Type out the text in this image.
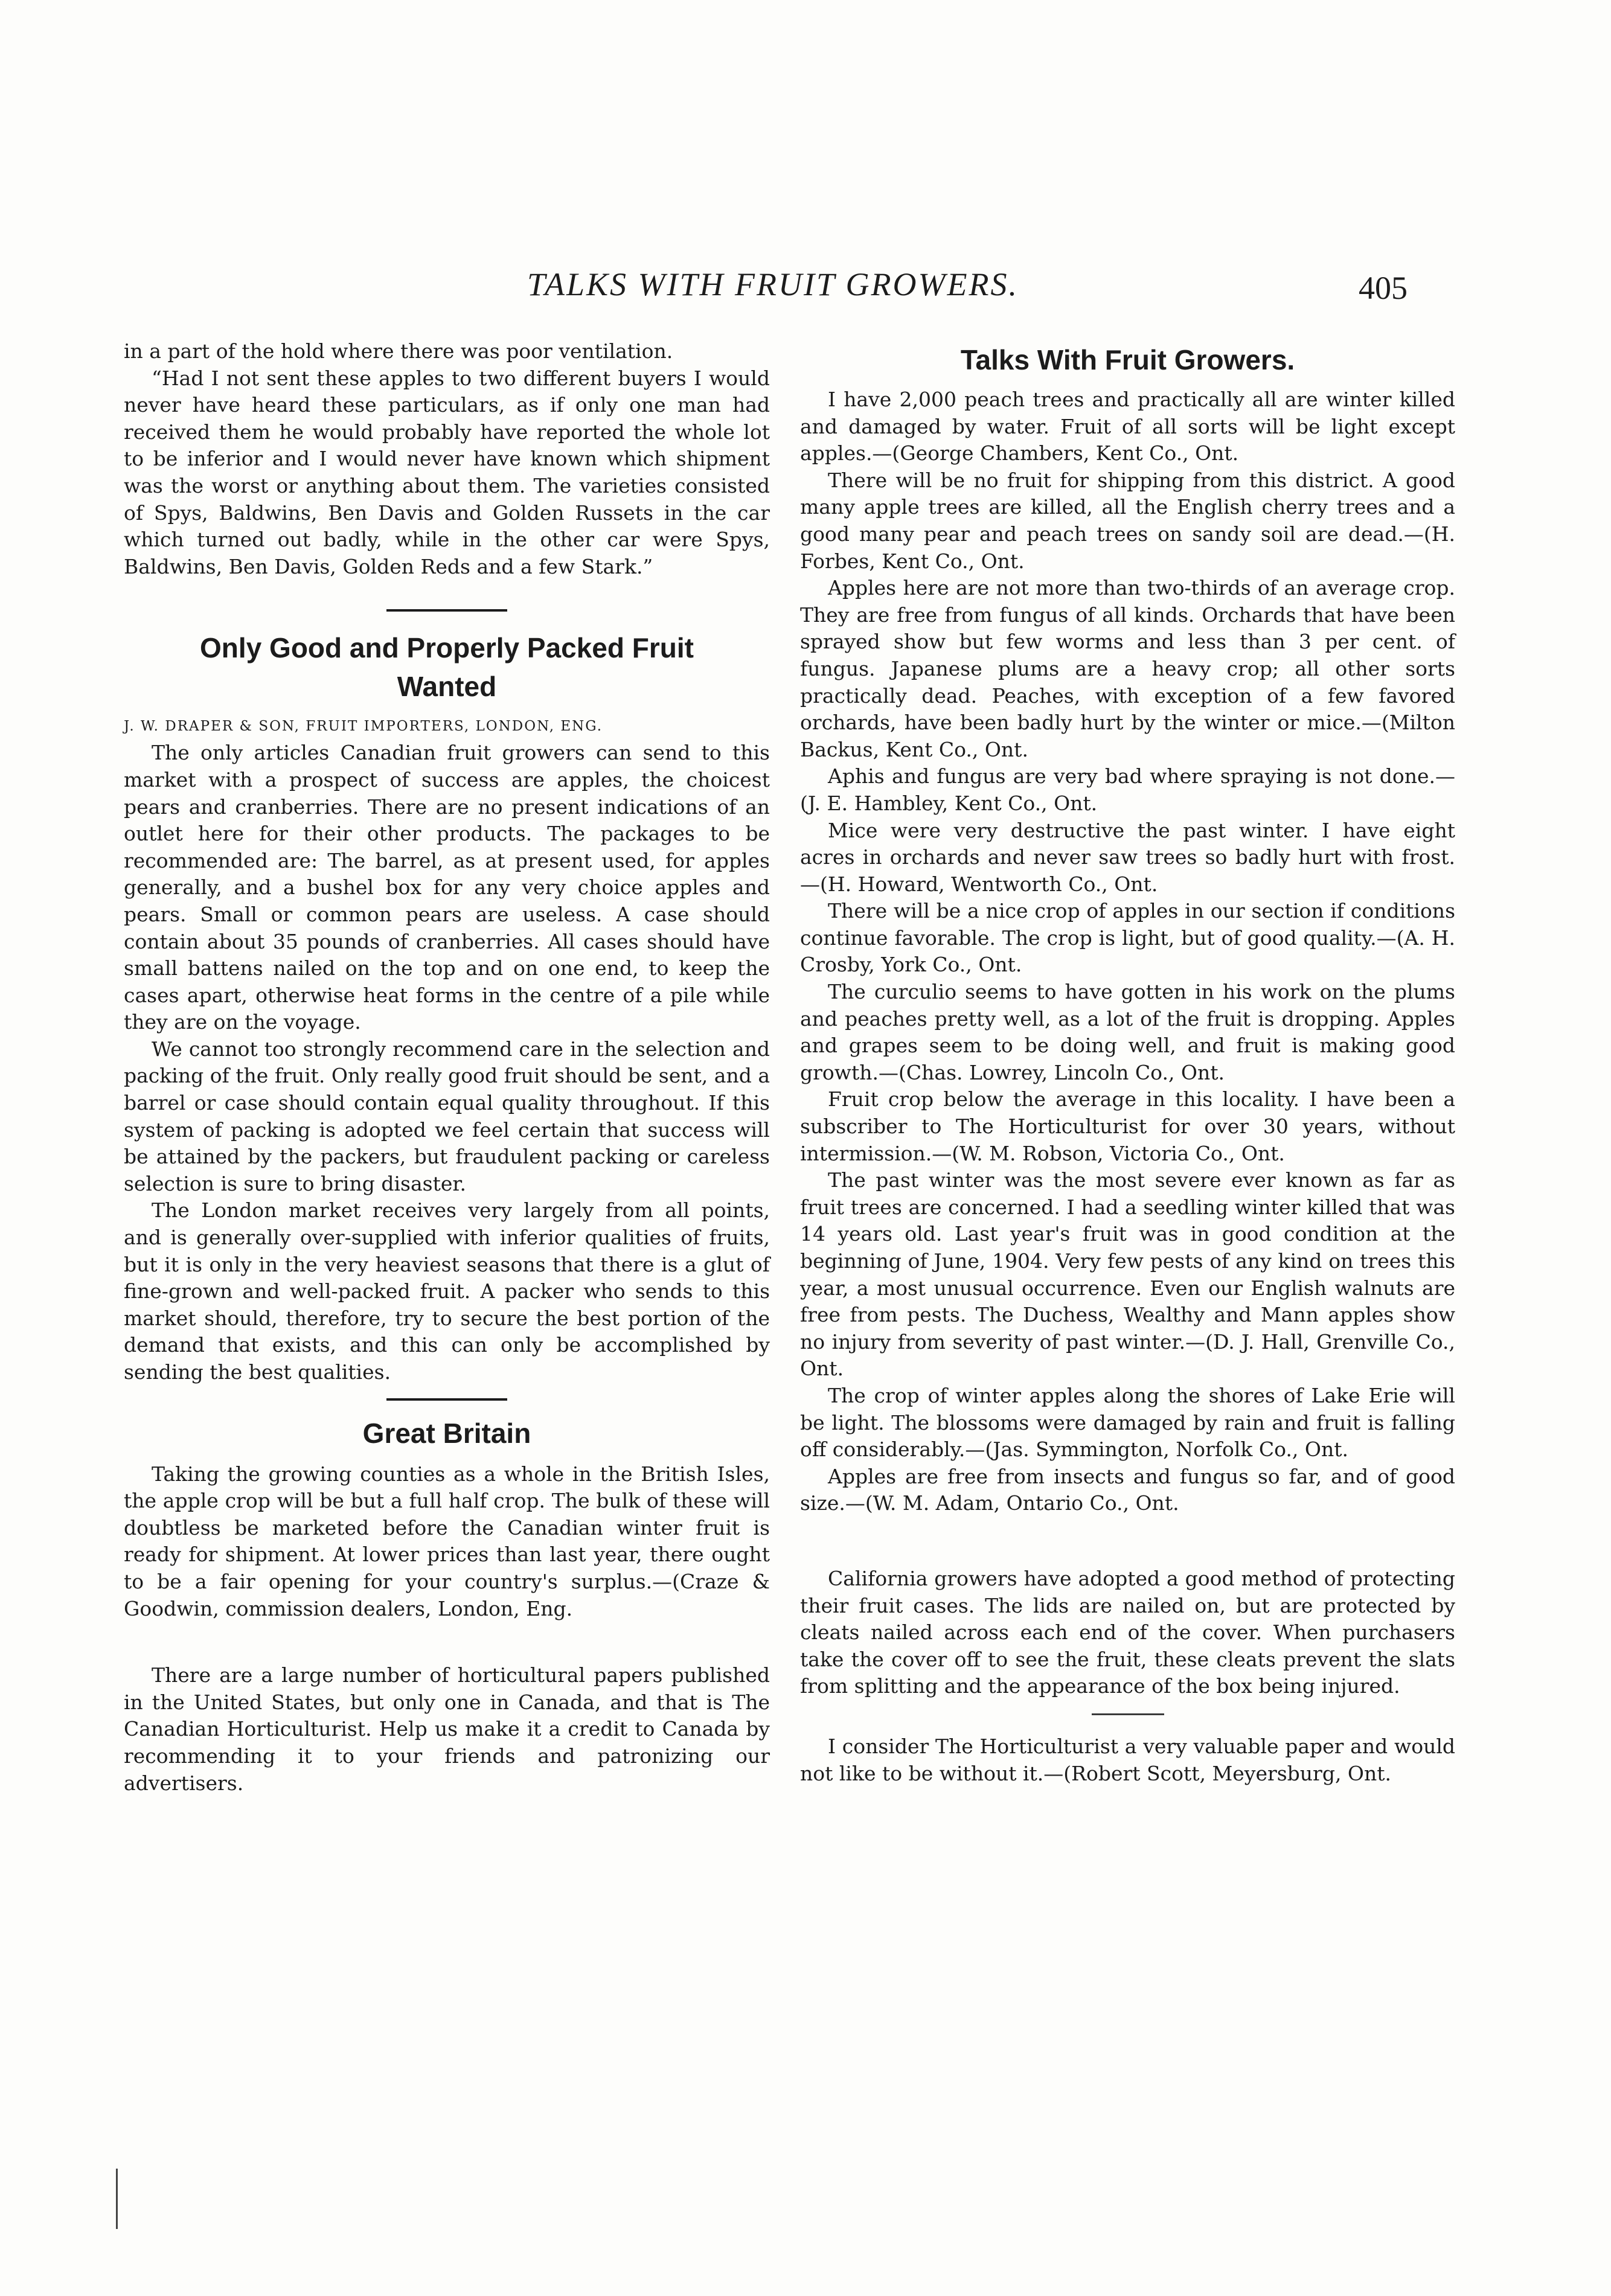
TALKS WITH FRUIT GROWERS.	405

in a part of the hold where there was poor ventilation.

“Had I not sent these apples to two different buyers I would never have heard these particulars, as if only one man had received them he would probably have reported the whole lot to be inferior and I would never have known which shipment was the worst or anything about them. The varieties consisted of Spys, Baldwins, Ben Davis and Golden Russets in the car which turned out badly, while in the other car were Spys, Baldwins, Ben Davis, Golden Reds and a few Stark.”

Only Good and Properly Packed Fruit Wanted
J. W. DRAPER & SON, FRUIT IMPORTERS, LONDON, ENG.

The only articles Canadian fruit growers can send to this market with a prospect of success are apples, the choicest pears and cranberries. There are no present indications of an outlet here for their other products. The packages to be recommended are: The barrel, as at present used, for apples generally, and a bushel box for any very choice apples and pears. Small or common pears are useless. A case should contain about 35 pounds of cranberries. All cases should have small battens nailed on the top and on one end, to keep the cases apart, otherwise heat forms in the centre of a pile while they are on the voyage.

We cannot too strongly recommend care in the selection and packing of the fruit. Only really good fruit should be sent, and a barrel or case should contain equal quality throughout. If this system of packing is adopted we feel certain that success will be attained by the packers, but fraudulent packing or careless selection is sure to bring disaster.

The London market receives very largely from all points, and is generally over-supplied with inferior qualities of fruits, but it is only in the very heaviest seasons that there is a glut of fine-grown and well-packed fruit. A packer who sends to this market should, therefore, try to secure the best portion of the demand that exists, and this can only be accomplished by sending the best qualities.

Great Britain

Taking the growing counties as a whole in the British Isles, the apple crop will be but a full half crop. The bulk of these will doubtless be marketed before the Canadian winter fruit is ready for shipment. At lower prices than last year, there ought to be a fair opening for your country's surplus.—(Craze & Goodwin, commission dealers, London, Eng.

There are a large number of horticultural papers published in the United States, but only one in Canada, and that is The Canadian Horticulturist. Help us make it a credit to Canada by recommending it to your friends and patronizing our advertisers.

Talks With Fruit Growers.

I have 2,000 peach trees and practically all are winter killed and damaged by water. Fruit of all sorts will be light except apples.—(George Chambers, Kent Co., Ont.

There will be no fruit for shipping from this district. A good many apple trees are killed, all the English cherry trees and a good many pear and peach trees on sandy soil are dead.—(H. Forbes, Kent Co., Ont.

Apples here are not more than two-thirds of an average crop. They are free from fungus of all kinds. Orchards that have been sprayed show but few worms and less than 3 per cent. of fungus. Japanese plums are a heavy crop; all other sorts practically dead. Peaches, with exception of a few favored orchards, have been badly hurt by the winter or mice.—(Milton Backus, Kent Co., Ont.

Aphis and fungus are very bad where spraying is not done.—(J. E. Hambley, Kent Co., Ont.

Mice were very destructive the past winter. I have eight acres in orchards and never saw trees so badly hurt with frost.—(H. Howard, Wentworth Co., Ont.

There will be a nice crop of apples in our section if conditions continue favorable. The crop is light, but of good quality.—(A. H. Crosby, York Co., Ont.

The curculio seems to have gotten in his work on the plums and peaches pretty well, as a lot of the fruit is dropping. Apples and grapes seem to be doing well, and fruit is making good growth.—(Chas. Lowrey, Lincoln Co., Ont.

Fruit crop below the average in this locality. I have been a subscriber to The Horticulturist for over 30 years, without intermission.—(W. M. Robson, Victoria Co., Ont.

The past winter was the most severe ever known as far as fruit trees are concerned. I had a seedling winter killed that was 14 years old. Last year's fruit was in good condition at the beginning of June, 1904. Very few pests of any kind on trees this year, a most unusual occurrence. Even our English walnuts are free from pests. The Duchess, Wealthy and Mann apples show no injury from severity of past winter.—(D. J. Hall, Grenville Co., Ont.

The crop of winter apples along the shores of Lake Erie will be light. The blossoms were damaged by rain and fruit is falling off considerably.—(Jas. Symmington, Norfolk Co., Ont.

Apples are free from insects and fungus so far, and of good size.—(W. M. Adam, Ontario Co., Ont.

California growers have adopted a good method of protecting their fruit cases. The lids are nailed on, but are protected by cleats nailed across each end of the cover. When purchasers take the cover off to see the fruit, these cleats prevent the slats from splitting and the appearance of the box being injured.

I consider The Horticulturist a very valuable paper and would not like to be without it.—(Robert Scott, Meyersburg, Ont.
